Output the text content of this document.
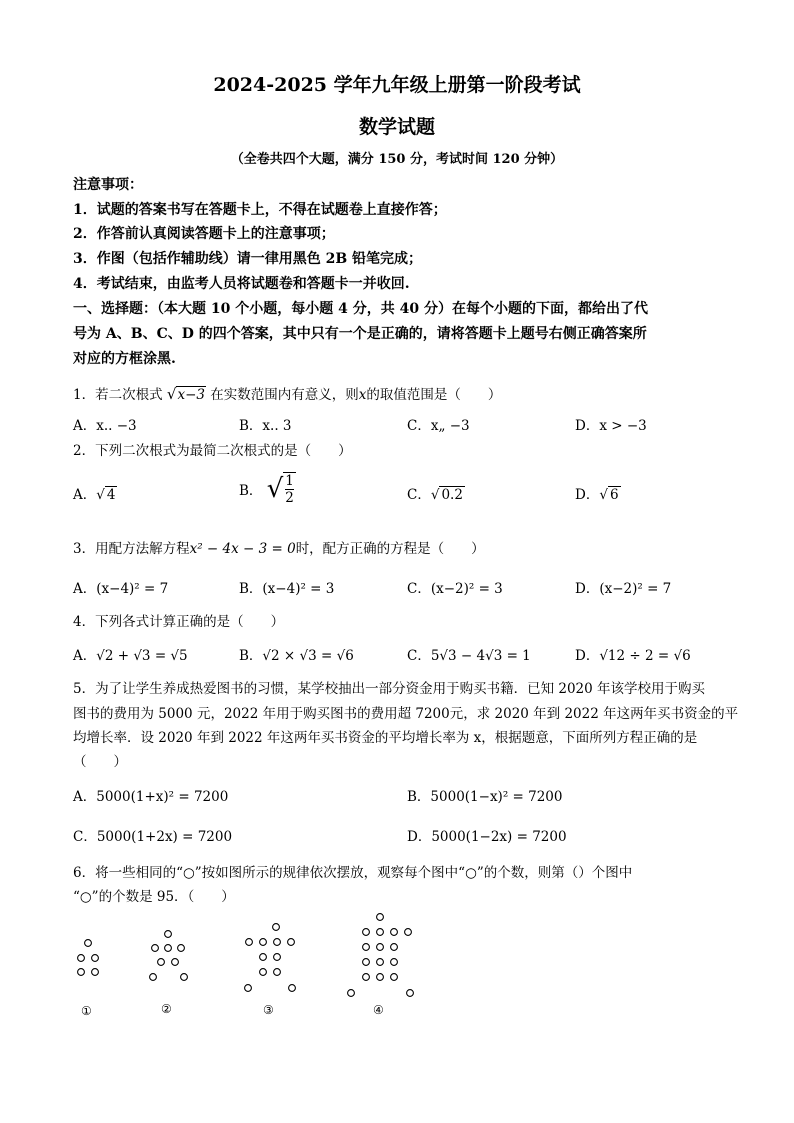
2024-2025 学年九年级上册第一阶段考试
数学试题
（全卷共四个大题，满分 150 分，考试时间 120 分钟）
注意事项：
1．试题的答案书写在答题卡上，不得在试题卷上直接作答；
2．作答前认真阅读答题卡上的注意事项；
3．作图（包括作辅助线）请一律用黑色 2B 铅笔完成；
4．考试结束，由监考人员将试题卷和答题卡一并收回.
一、选择题：（本大题 10 个小题，每小题 4 分，共 40 分）在每个小题的下面，都给出了代
号为 A、B、C、D 的四个答案，其中只有一个是正确的，请将答题卡上题号右侧正确答案所
对应的方框涂黑.
1．若二次根式 √x−3 在实数范围内有意义，则x的取值范围是（　　）
A．x.. −3	B．x.. 3	C．x„ −3	D．x > −3
2．下列二次根式为最简二次根式的是（　　）
A．√ 4	B． √ $\frac{1}{2}$	C．√ 0.2	D．√ 6
3．用配方法解方程x² − 4x − 3 = 0时，配方正确的方程是（　　）
A．(x−4)² = 7	B．(x−4)² = 3	C．(x−2)² = 3	D．(x−2)² = 7
4．下列各式计算正确的是（　　）
A．√2 + √3 = √5	B．√2 × √3 = √6	C．5√3 − 4√3 = 1	D．√12 ÷ 2 = √6
5．为了让学生养成热爱图书的习惯，某学校抽出一部分资金用于购买书籍．已知 2020 年该学校用于购买
图书的费用为 5000 元，2022 年用于购买图书的费用超 7200元，求 2020 年到 2022 年这两年买书资金的平
均增长率．设 2020 年到 2022 年这两年买书资金的平均增长率为 x，根据题意，下面所列方程正确的是
（　　）
A．5000(1+x)² = 7200	B．5000(1−x)² = 7200
C．5000(1+2x) = 7200	D．5000(1−2x) = 7200
6．将一些相同的“○”按如图所示的规律依次摆放，观察每个图中“○”的个数，则第（）个图中
“○”的个数是 95．（　　）
①	②	③	④
